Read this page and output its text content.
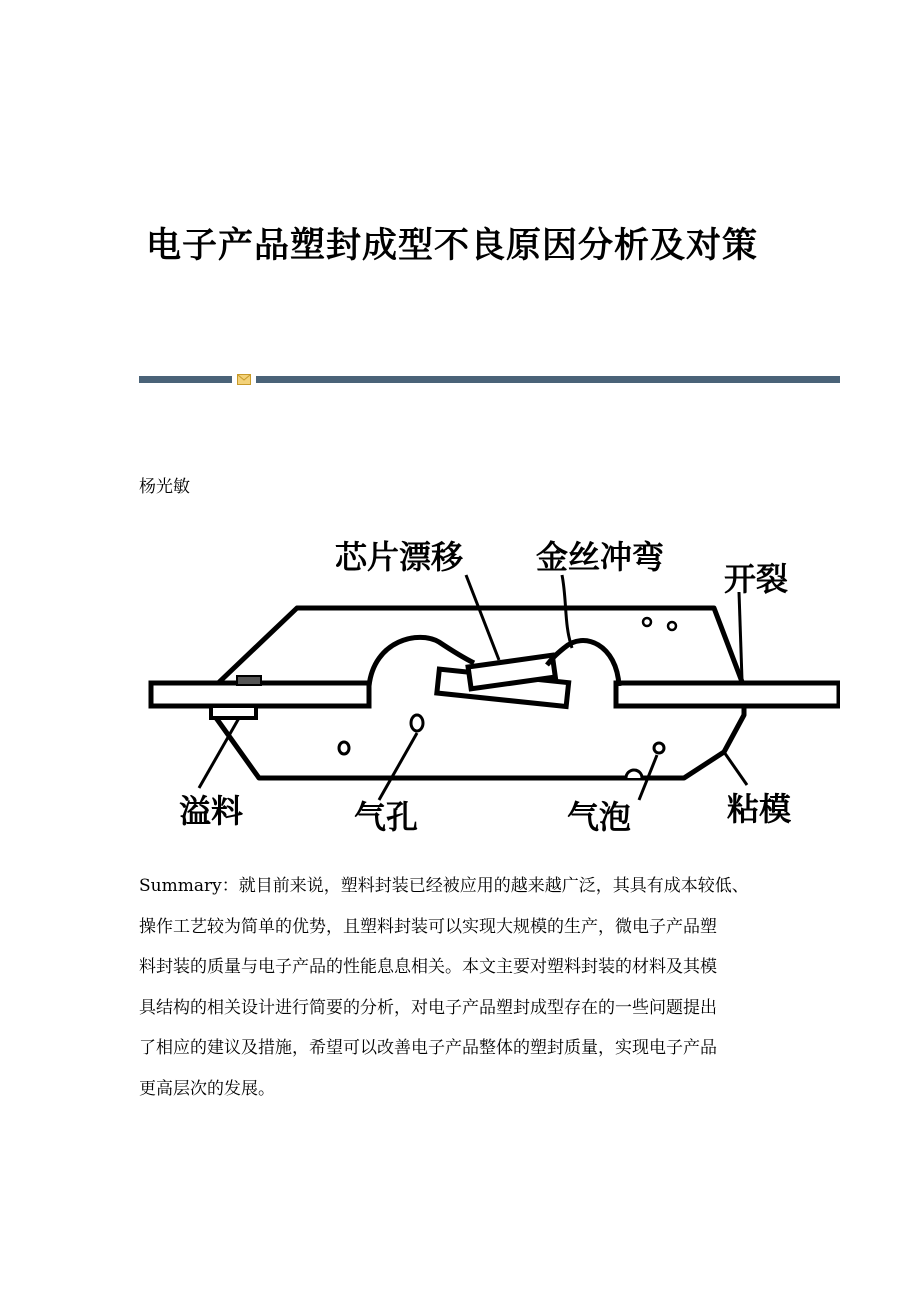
电子产品塑封成型不良原因分析及对策
杨光敏
芯片漂移 金丝冲弯
开裂
溢料	气孔	气泡	粘模
Summary：就目前来说，塑料封装已经被应用的越来越广泛，其具有成本较低、
操作工艺较为简单的优势，且塑料封装可以实现大规模的生产，微电子产品塑
料封装的质量与电子产品的性能息息相关。本文主要对塑料封装的材料及其模
具结构的相关设计进行简要的分析，对电子产品塑封成型存在的一些问题提出
了相应的建议及措施，希望可以改善电子产品整体的塑封质量，实现电子产品
更高层次的发展。
